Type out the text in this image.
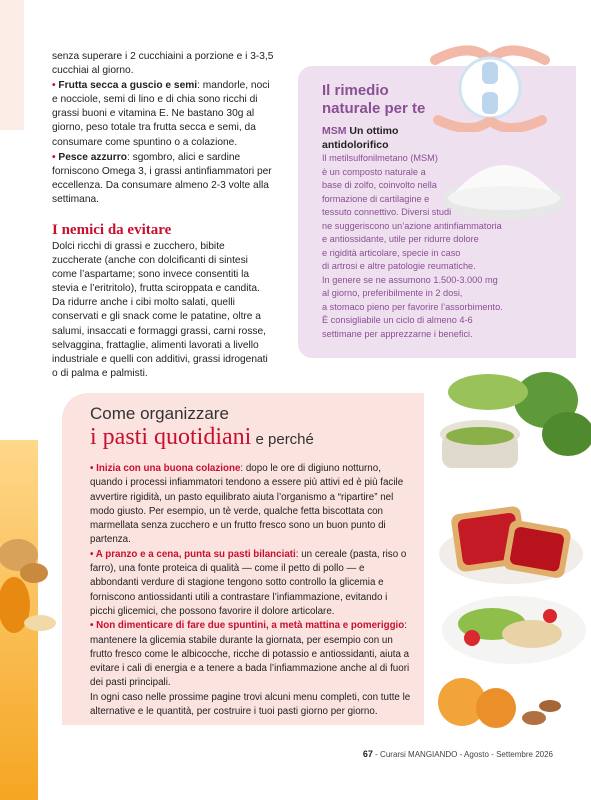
senza superare i 2 cucchiaini a porzione e i 3-3,5 cucchiai al giorno.

• Frutta secca a guscio e semi: mandorle, noci e nocciole, semi di lino e di chia sono ricchi di grassi buoni e vitamina E. Ne bastano 30g al giorno, peso totale tra frutta secca e semi, da consumare come spuntino o a colazione.

• Pesce azzurro: sgombro, alici e sardine forniscono Omega 3, i grassi antinfiammatori per eccellenza. Da consumare almeno 2-3 volte alla settimana.

I nemici da evitare

Dolci ricchi di grassi e zucchero, bibite zuccherate (anche con dolcificanti di sintesi come l’aspartame; sono invece consentiti la stevia e l’eritritolo), frutta sciroppata e candita. Da ridurre anche i cibi molto salati, quelli conservati e gli snack come le patatine, oltre a salumi, insaccati e formaggi grassi, carni rosse, selvaggina, frattaglie, alimenti lavorati a livello industriale e quelli con additivi, grassi idrogenati o di palma e palmisti.

Il rimedio
naturale per te
MSM Un ottimo
antidolorifico
Il metilsulfonilmetano (MSM)
è un composto naturale a
base di zolfo, coinvolto nella
formazione di cartilagine e
tessuto connettivo. Diversi studi
ne suggeriscono un’azione antinfiammatoria
e antiossidante, utile per ridurre dolore
e rigidità articolare, specie in caso
di artrosi e altre patologie reumatiche.
In genere se ne assumono 1.500-3.000 mg
al giorno, preferibilmente in 2 dosi,
a stomaco pieno per favorire l’assorbimento.
È consigliabile un ciclo di almeno 4-6
settimane per apprezzarne i benefici.
Come organizzare
i pasti quotidiani e perché

• Inizia con una buona colazione: dopo le ore di digiuno notturno, quando i processi infiammatori tendono a essere più attivi ed è più facile avvertire rigidità, un pasto equilibrato aiuta l’organismo a “ripartire” nel modo giusto. Per esempio, un tè verde, qualche fetta biscottata con marmellata senza zucchero e un frutto fresco sono un buon punto di partenza.

• A pranzo e a cena, punta su pasti bilanciati: un cereale (pasta, riso o farro), una fonte proteica di qualità — come il petto di pollo — e abbondanti verdure di stagione tengono sotto controllo la glicemia e forniscono antiossidanti utili a contrastare l’infiammazione, evitando i picchi glicemici, che possono favorire il dolore articolare.

• Non dimenticare di fare due spuntini, a metà mattina e pomeriggio: mantenere la glicemia stabile durante la giornata, per esempio con un frutto fresco come le albicocche, ricche di potassio e antiossidanti, aiuta a evitare i cali di energia e a tenere a bada l’infiammazione anche al di fuori dei pasti principali.

In ogni caso nelle prossime pagine trovi alcuni menu completi, con tutte le alternative e le quantità, per costruire i tuoi pasti giorno per giorno.

67 - Curarsi MANGIANDO - Agosto - Settembre 2026
